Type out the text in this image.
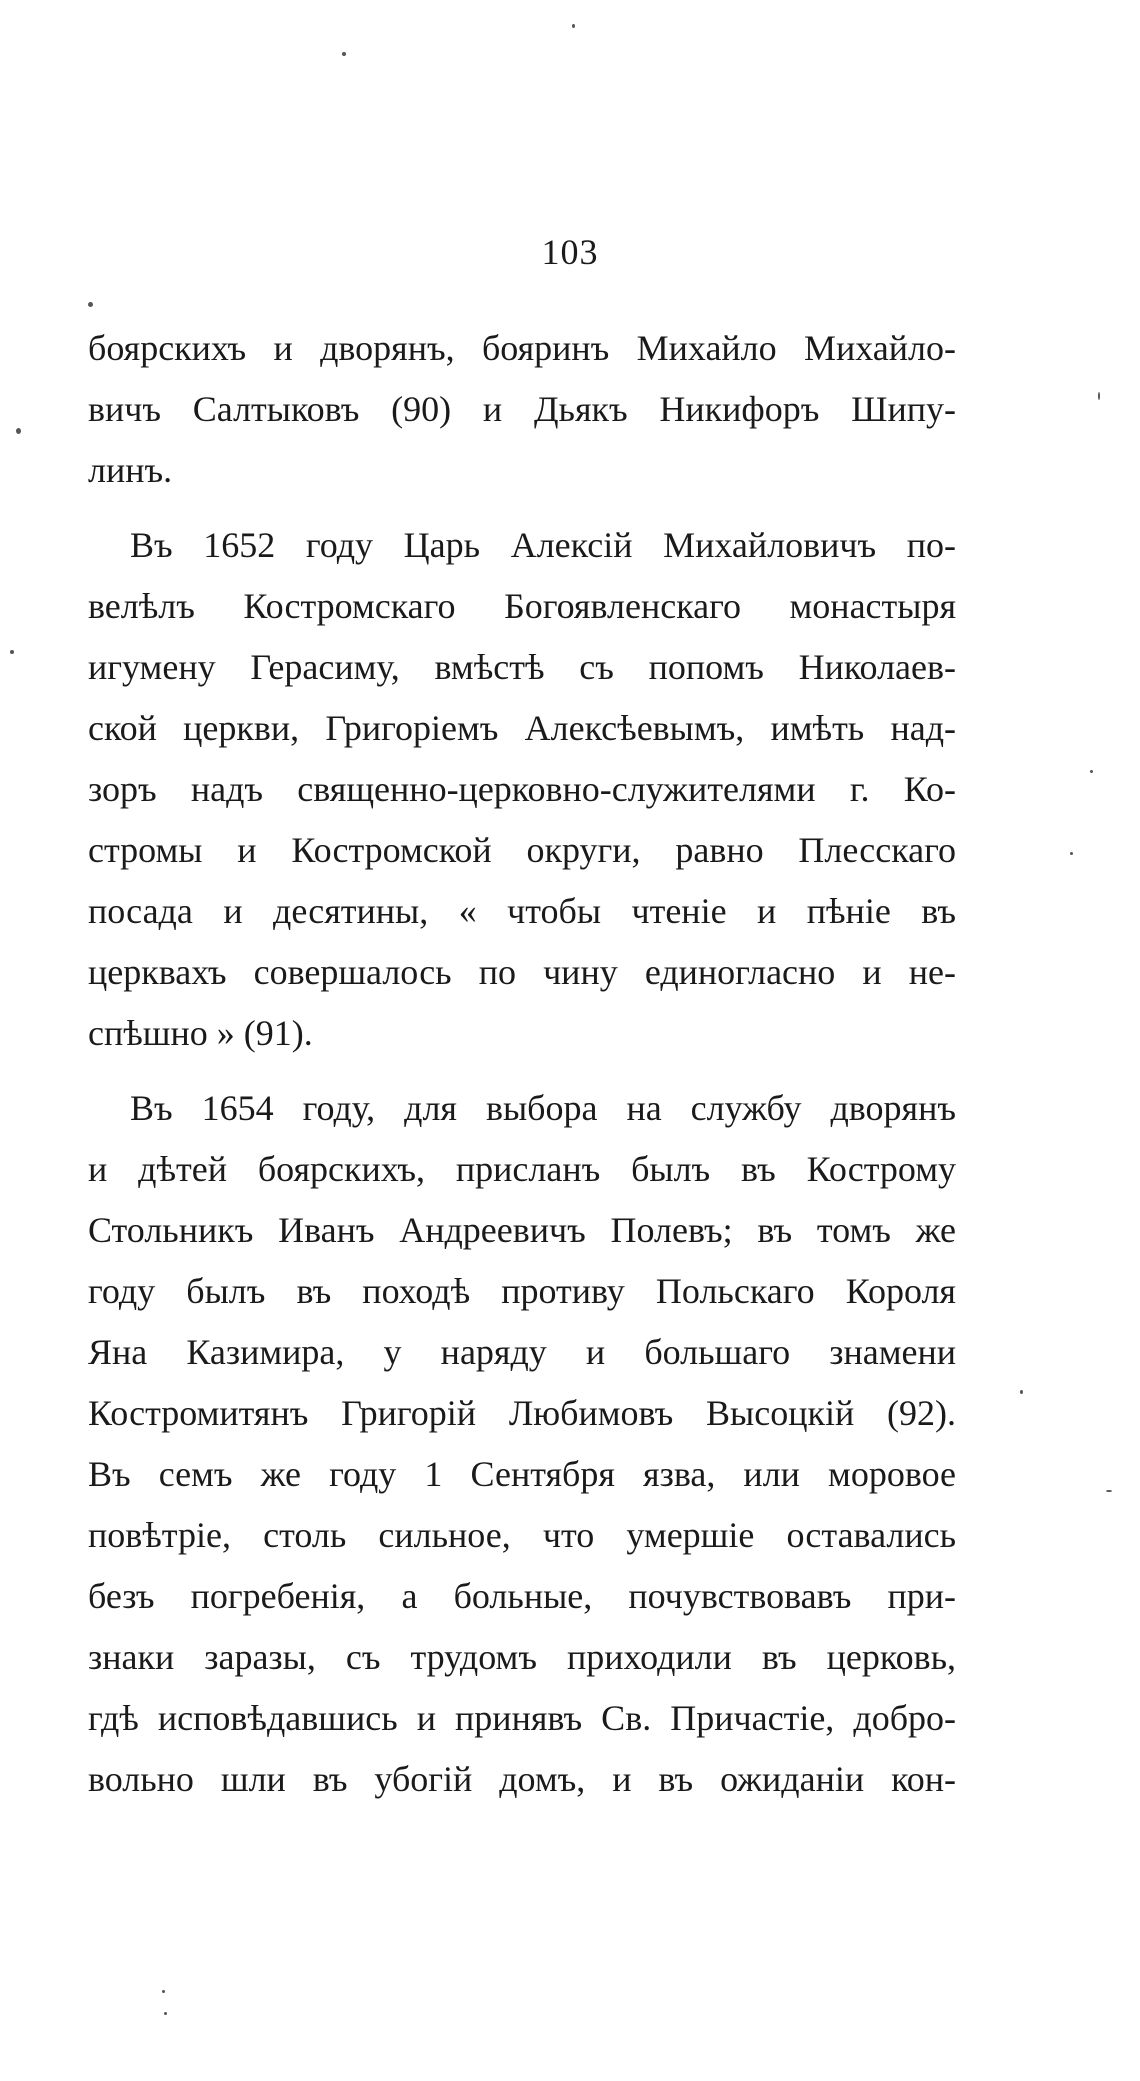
103
боярскихъ и дворянъ, бояринъ Михайло Михайло-
вичъ Салтыковъ (90) и Дьякъ Никифоръ Шипу-
линъ.
Въ 1652 году Царь Алексій Михайловичъ по-
велѣлъ Костромскаго Богоявленскаго монастыря
игумену Герасиму, вмѣстѣ съ попомъ Николаев-
ской церкви, Григоріемъ Алексѣевымъ, имѣть над-
зоръ надъ священно-церковно-служителями г. Ко-
стромы и Костромской округи, равно Плесскаго
посада и десятины, « чтобы чтеніе и пѣніе въ
церквахъ совершалось по чину единогласно и не-
спѣшно » (91).
Въ 1654 году, для выбора на службу дворянъ
и дѣтей боярскихъ, присланъ былъ въ Кострому
Стольникъ Иванъ Андреевичъ Полевъ; въ томъ же
году былъ въ походѣ противу Польскаго Короля
Яна Казимира, у наряду и большаго знамени
Костромитянъ Григорій Любимовъ Высоцкій (92).
Въ семъ же году 1 Сентября язва, или моровое
повѣтріе, столь сильное, что умершіе оставались
безъ погребенія, а больные, почувствовавъ при-
знаки заразы, съ трудомъ приходили въ церковь,
гдѣ исповѣдавшись и принявъ Св. Причастіе, добро-
вольно шли въ убогій домъ, и въ ожиданіи кон-
